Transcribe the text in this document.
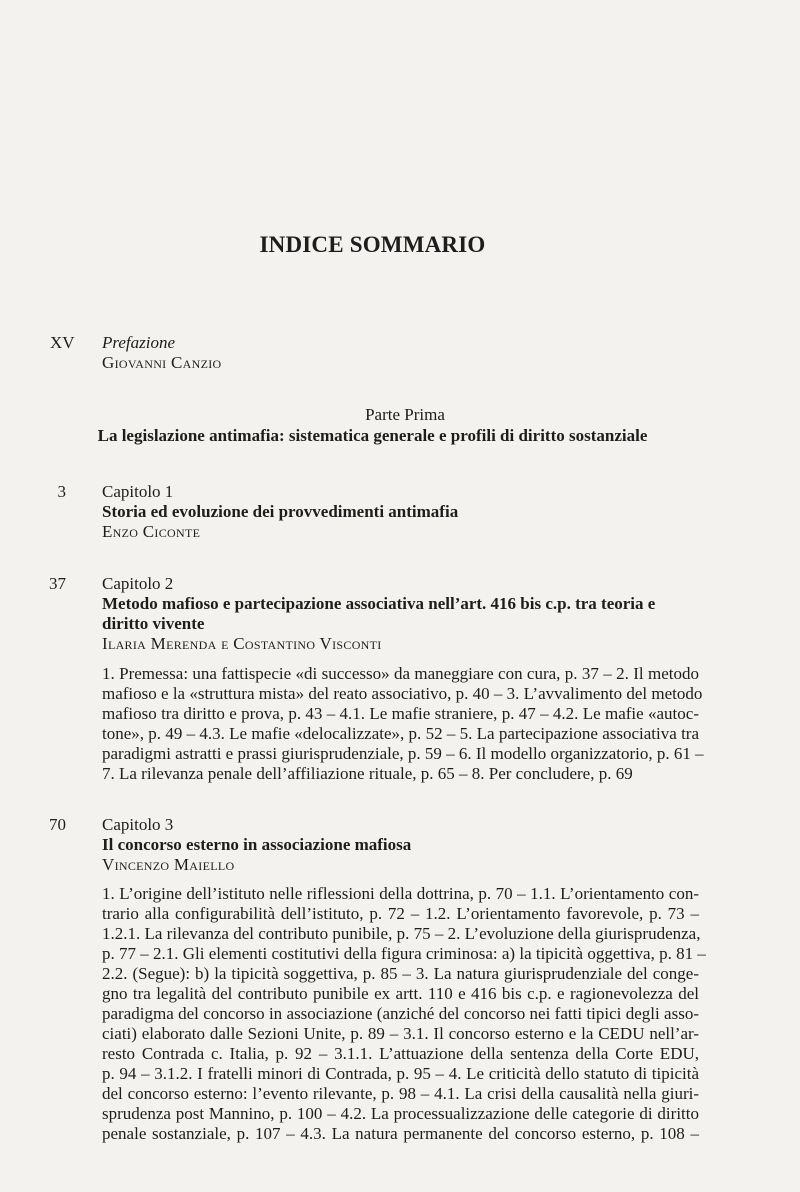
INDICE SOMMARIO
XV	Prefazione
Giovanni Canzio
Parte Prima
La legislazione antimafia: sistematica generale e profili di diritto sostanziale
3 Capitolo 1
Storia ed evoluzione dei provvedimenti antimafia
Enzo Ciconte
37 Capitolo 2
Metodo mafioso e partecipazione associativa nell’art. 416 bis c.p. tra teoria e
diritto vivente
Ilaria Merenda e Costantino Visconti
1. Premessa: una fattispecie «di successo» da maneggiare con cura, p. 37 – 2. Il metodo
mafioso e la «struttura mista» del reato associativo, p. 40 – 3. L’avvalimento del metodo
mafioso tra diritto e prova, p. 43 – 4.1. Le mafie straniere, p. 47 – 4.2. Le mafie «autoc-
tone», p. 49 – 4.3. Le mafie «delocalizzate», p. 52 – 5. La partecipazione associativa tra
paradigmi astratti e prassi giurisprudenziale, p. 59 – 6. Il modello organizzatorio, p. 61 –
7. La rilevanza penale dell’affiliazione rituale, p. 65 – 8. Per concludere, p. 69
70 Capitolo 3
Il concorso esterno in associazione mafiosa
Vincenzo Maiello
1. L’origine dell’istituto nelle riflessioni della dottrina, p. 70 – 1.1. L’orientamento con-
trario alla configurabilità dell’istituto, p. 72 – 1.2. L’orientamento favorevole, p. 73 –
1.2.1. La rilevanza del contributo punibile, p. 75 – 2. L’evoluzione della giurisprudenza,
p. 77 – 2.1. Gli elementi costitutivi della figura criminosa: a) la tipicità oggettiva, p. 81 –
2.2. (Segue): b) la tipicità soggettiva, p. 85 – 3. La natura giurisprudenziale del conge-
gno tra legalità del contributo punibile ex artt. 110 e 416 bis c.p. e ragionevolezza del
paradigma del concorso in associazione (anziché del concorso nei fatti tipici degli asso-
ciati) elaborato dalle Sezioni Unite, p. 89 – 3.1. Il concorso esterno e la CEDU nell’ar-
resto Contrada c. Italia, p. 92 – 3.1.1. L’attuazione della sentenza della Corte EDU,
p. 94 – 3.1.2. I fratelli minori di Contrada, p. 95 – 4. Le criticità dello statuto di tipicità
del concorso esterno: l’evento rilevante, p. 98 – 4.1. La crisi della causalità nella giuri-
sprudenza post Mannino, p. 100 – 4.2. La processualizzazione delle categorie di diritto
penale sostanziale, p. 107 – 4.3. La natura permanente del concorso esterno, p. 108 –
